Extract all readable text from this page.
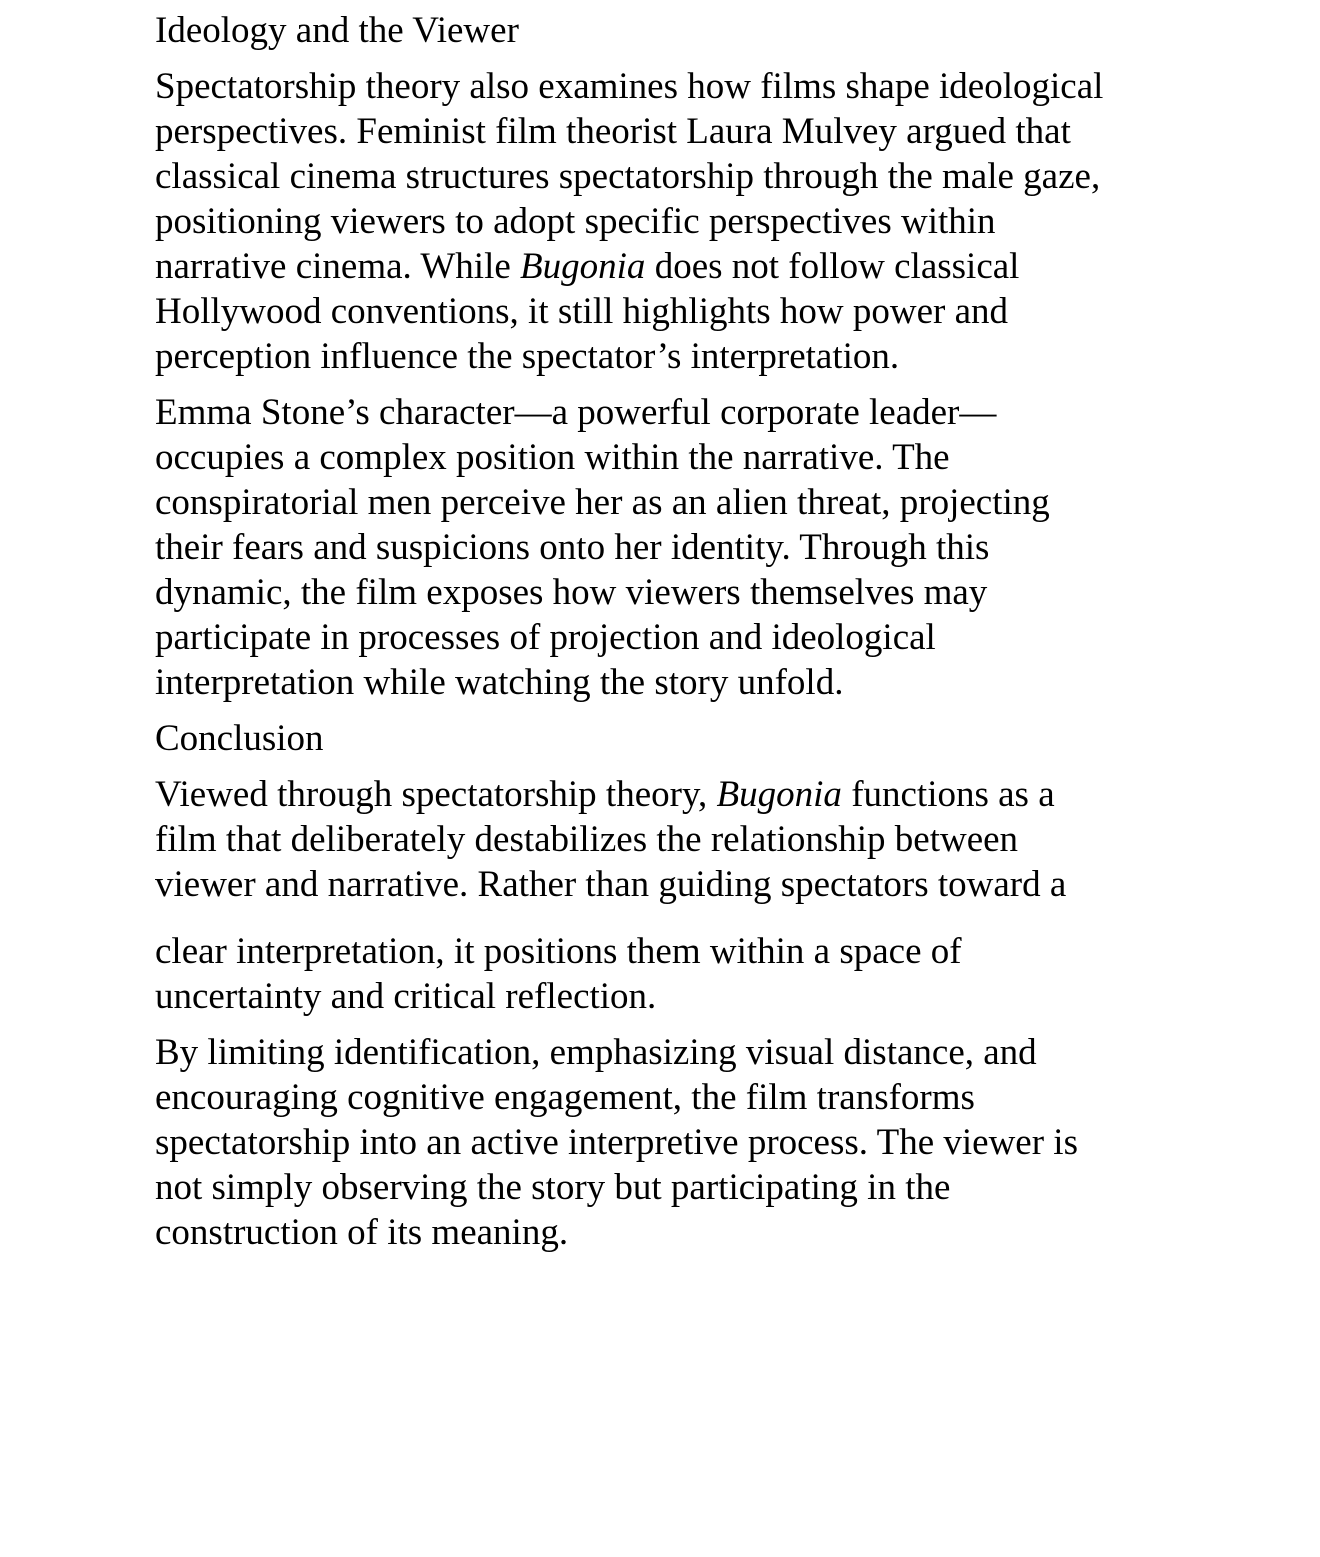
Ideology and the Viewer

Spectatorship theory also examines how films shape ideological
perspectives. Feminist film theorist Laura Mulvey argued that
classical cinema structures spectatorship through the male gaze,
positioning viewers to adopt specific perspectives within
narrative cinema. While Bugonia does not follow classical
Hollywood conventions, it still highlights how power and
perception influence the spectator’s interpretation.

Emma Stone’s character—a powerful corporate leader—
occupies a complex position within the narrative. The
conspiratorial men perceive her as an alien threat, projecting
their fears and suspicions onto her identity. Through this
dynamic, the film exposes how viewers themselves may
participate in processes of projection and ideological
interpretation while watching the story unfold.

Conclusion

Viewed through spectatorship theory, Bugonia functions as a
film that deliberately destabilizes the relationship between
viewer and narrative. Rather than guiding spectators toward a

clear interpretation, it positions them within a space of
uncertainty and critical reflection.

By limiting identification, emphasizing visual distance, and
encouraging cognitive engagement, the film transforms
spectatorship into an active interpretive process. The viewer is
not simply observing the story but participating in the
construction of its meaning.
